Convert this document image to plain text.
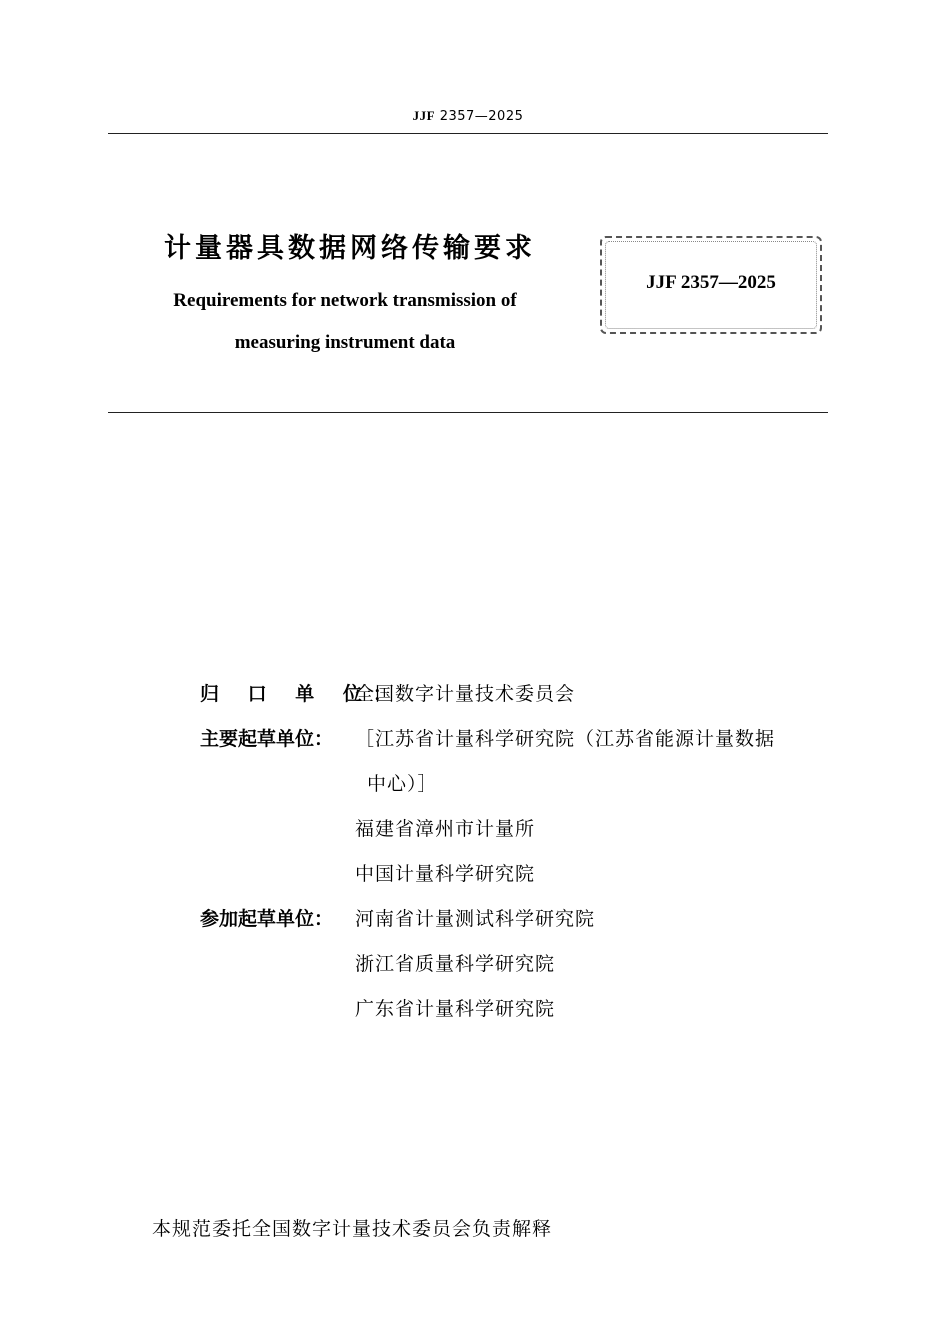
JJF 2357—2025
计量器具数据网络传输要求
Requirements for network transmission of
measuring instrument data
JJF 2357—2025
归 口 单 位：
全国数字计量技术委员会
主要起草单位：	［江苏省计量科学研究院（江苏省能源计量数据
中心）］
福建省漳州市计量所
中国计量科学研究院
参加起草单位：	河南省计量测试科学研究院
浙江省质量科学研究院
广东省计量科学研究院
本规范委托全国数字计量技术委员会负责解释
